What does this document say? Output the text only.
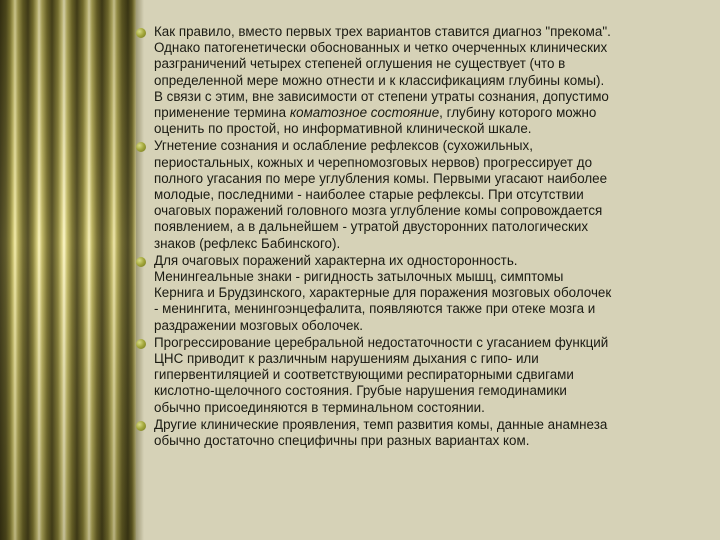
Как правило, вместо первых трех вариантов ставится диагноз "прекома".
Однако патогенетически обоснованных и четко очерченных клинических
разграничений четырех степеней оглушения не существует (что в
определенной мере можно отнести и к классификациям глубины комы).
В связи с этим, вне зависимости от степени утраты сознания, допустимо
применение термина коматозное состояние, глубину которого можно
оценить по простой, но информативной клинической шкале.
Угнетение сознания и ослабление рефлексов (сухожильных,
периостальных, кожных и черепномозговых нервов) прогрессирует до
полного угасания по мере углубления комы. Первыми угасают наиболее
молодые, последними - наиболее старые рефлексы. При отсутствии
очаговых поражений головного мозга углубление комы сопровождается
появлением, а в дальнейшем - утратой двусторонних патологических
знаков (рефлекс Бабинского).
Для очаговых поражений характерна их односторонность.
Менингеальные знаки - ригидность затылочных мышц, симптомы
Кернига и Брудзинского, характерные для поражения мозговых оболочек
- менингита, менингоэнцефалита, появляются также при отеке мозга и
раздражении мозговых оболочек.
Прогрессирование церебральной недостаточности с угасанием функций
ЦНС приводит к различным нарушениям дыхания с гипо- или
гипервентиляцией и соответствующими респираторными сдвигами
кислотно-щелочного состояния. Грубые нарушения гемодинамики
обычно присоединяются в терминальном состоянии.
Другие клинические проявления, темп развития комы, данные анамнеза
обычно достаточно специфичны при разных вариантах ком.
